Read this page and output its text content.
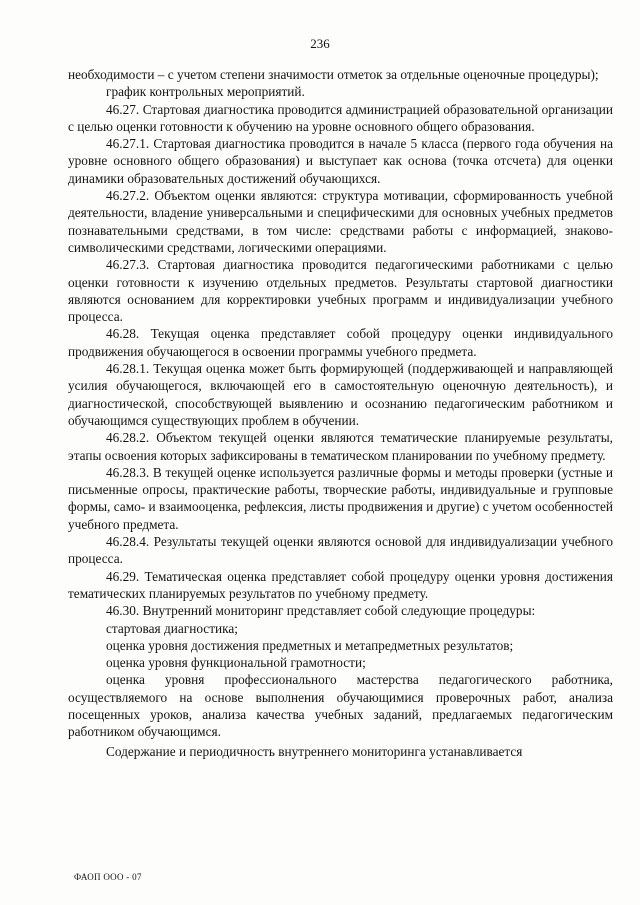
236

необходимости – с учетом степени значимости отметок за отдельные оценочные процедуры);

график контрольных мероприятий.

46.27. Стартовая диагностика проводится администрацией образовательной организации с целью оценки готовности к обучению на уровне основного общего образования.

46.27.1. Стартовая диагностика проводится в начале 5 класса (первого года обучения на уровне основного общего образования) и выступает как основа (точка отсчета) для оценки динамики образовательных достижений обучающихся.

46.27.2. Объектом оценки являются: структура мотивации, сформированность учебной деятельности, владение универсальными и специфическими для основных учебных предметов познавательными средствами, в том числе: средствами работы с информацией, знаково-символическими средствами, логическими операциями.

46.27.3. Стартовая диагностика проводится педагогическими работниками с целью оценки готовности к изучению отдельных предметов. Результаты стартовой диагностики являются основанием для корректировки учебных программ и индивидуализации учебного процесса.

46.28. Текущая оценка представляет собой процедуру оценки индивидуального продвижения обучающегося в освоении программы учебного предмета.

46.28.1. Текущая оценка может быть формирующей (поддерживающей и направляющей усилия обучающегося, включающей его в самостоятельную оценочную деятельность), и диагностической, способствующей выявлению и осознанию педагогическим работником и обучающимся существующих проблем в обучении.

46.28.2. Объектом текущей оценки являются тематические планируемые результаты, этапы освоения которых зафиксированы в тематическом планировании по учебному предмету.

46.28.3. В текущей оценке используется различные формы и методы проверки (устные и письменные опросы, практические работы, творческие работы, индивидуальные и групповые формы, само- и взаимооценка, рефлексия, листы продвижения и другие) с учетом особенностей учебного предмета.

46.28.4. Результаты текущей оценки являются основой для индивидуализации учебного процесса.

46.29. Тематическая оценка представляет собой процедуру оценки уровня достижения тематических планируемых результатов по учебному предмету.

46.30. Внутренний мониторинг представляет собой следующие процедуры:

стартовая диагностика;

оценка уровня достижения предметных и метапредметных результатов;

оценка уровня функциональной грамотности;

оценка уровня профессионального мастерства педагогического работника, осуществляемого на основе выполнения обучающимися проверочных работ, анализа посещенных уроков, анализа качества учебных заданий, предлагаемых педагогическим работником обучающимся.

Содержание и периодичность внутреннего мониторинга устанавливается

ФАОП ООО - 07
